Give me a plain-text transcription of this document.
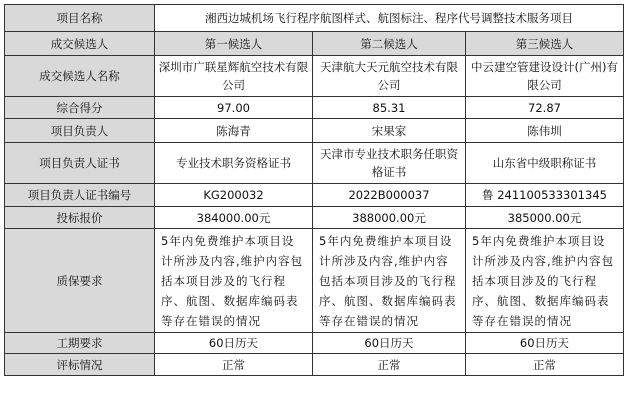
项目名称	湘西边城机场飞行程序航图样式、航图标注、程序代号调整技术服务项目		
成交候选人	第一候选人	第二候选人	第三候选人
成交候选人名称	深圳市广联星辉航空技术有限公司	天津航大天元航空技术有限公司	中云建空管建设设计(广州)有限公司
综合得分	97.00	85.31	72.87
项目负责人	陈海青	宋果家	陈伟圳
项目负责人证书	专业技术职务资格证书	天津市专业技术职务任职资格证书	山东省中级职称证书
项目负责人证书编号	KG200032	2022B000037	鲁 241100533301345
投标报价	384000.00元	388000.00元	385000.00元
质保要求	5年内免费维护本项目设计所涉及内容,维护内容包括本项目涉及的飞行程序、航图、数据库编码表等存在错误的情况	5年内免费维护本项目设计所涉及内容,维护内容包括本项目涉及的飞行程序、航图、数据库编码表等存在错误的情况	5年内免费维护本项目设计所涉及内容,维护内容包括本项目涉及的飞行程序、航图、数据库编码表等存在错误的情况
工期要求	60日历天	60日历天	60日历天
评标情况	正常	正常	正常
